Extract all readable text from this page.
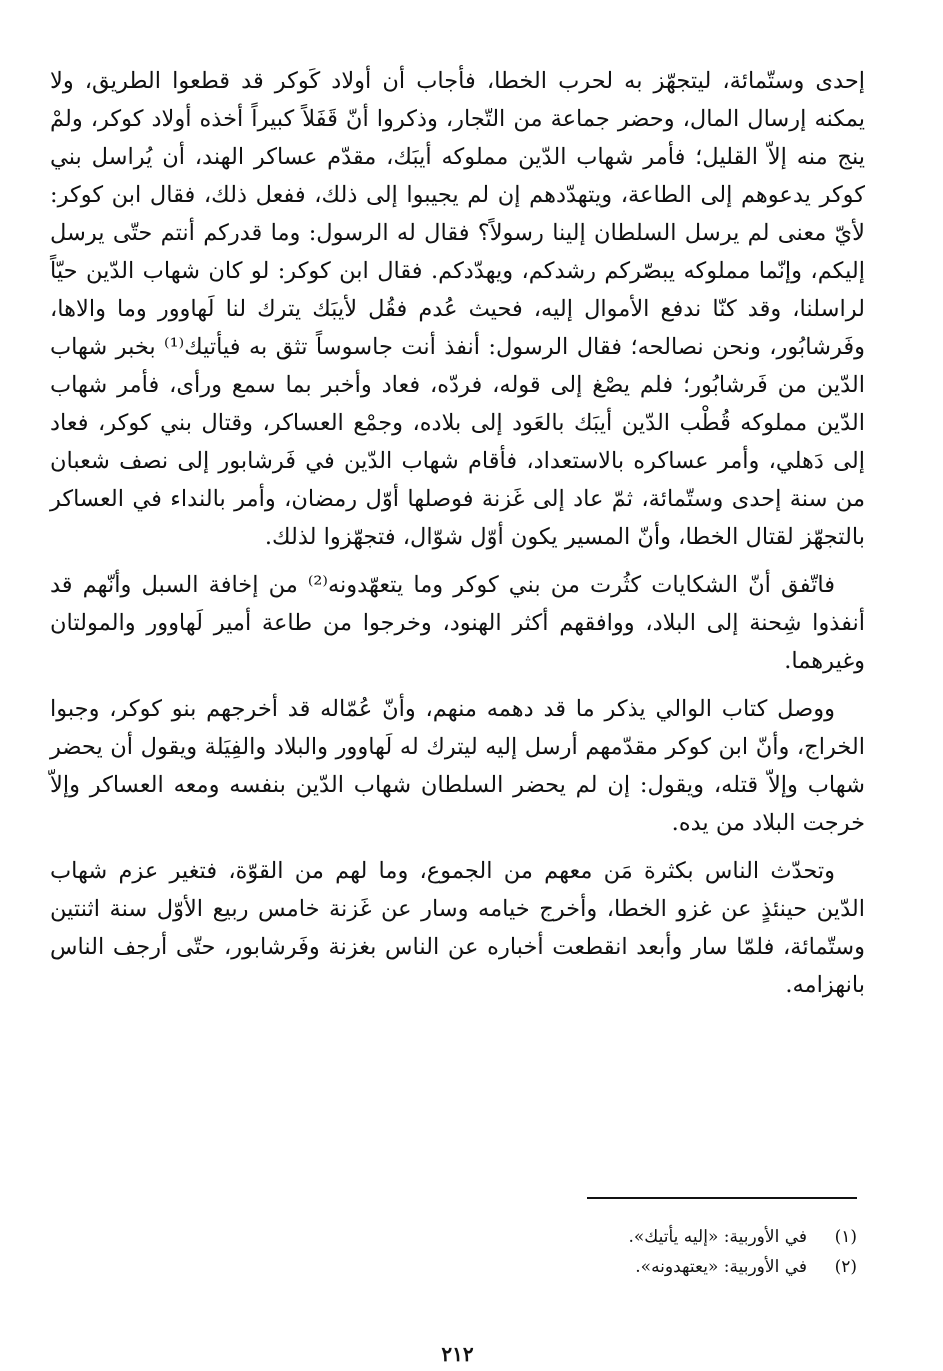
إحدى وستّمائة، ليتجهّز به لحرب الخطا، فأجاب أن أولاد كَوكر قد قطعوا الطريق، ولا يمكنه إرسال المال، وحضر جماعة من التّجار، وذكروا أنّ قَفَلاً كبيراً أخذه أولاد كوكر، ولمْ ينج منه إلاّ القليل؛ فأمر شهاب الدّين مملوكه أيبَك، مقدّم عساكر الهند، أن يُراسل بني كوكر يدعوهم إلى الطاعة، ويتهدّدهم إن لم يجيبوا إلى ذلك، ففعل ذلك، فقال ابن كوكر: لأيّ معنى لم يرسل السلطان إلينا رسولاً؟ فقال له الرسول: وما قدركم أنتم حتّى يرسل إليكم، وإنّما مملوكه يبصّركم رشدكم، ويهدّدكم. فقال ابن كوكر: لو كان شهاب الدّين حيّاً لراسلنا، وقد كنّا ندفع الأموال إليه، فحيث عُدم فقُل لأيبَك يترك لنا لَهاوور وما والاها، وفَرشابُور، ونحن نصالحه؛ فقال الرسول: أنفذ أنت جاسوساً تثق به فيأتيك⁽¹⁾ بخبر شهاب الدّين من فَرشابُور؛ فلم يصْغ إلى قوله، فردّه، فعاد وأخبر بما سمع ورأى، فأمر شهاب الدّين مملوكه قُطْب الدّين أيبَك بالعَود إلى بلاده، وجمْع العساكر، وقتال بني كوكر، فعاد إلى دَهلي، وأمر عساكره بالاستعداد، فأقام شهاب الدّين في فَرشابور إلى نصف شعبان من سنة إحدى وستّمائة، ثمّ عاد إلى غَزنة فوصلها أوّل رمضان، وأمر بالنداء في العساكر بالتجهّز لقتال الخطا، وأنّ المسير يكون أوّل شوّال، فتجهّزوا لذلك.

فاتّفق أنّ الشكايات كثُرت من بني كوكر وما يتعهّدونه⁽²⁾ من إخافة السبل وأنّهم قد أنفذوا شِحنة إلى البلاد، ووافقهم أكثر الهنود، وخرجوا من طاعة أمير لَهاوور والمولتان وغيرهما.

ووصل كتاب الوالي يذكر ما قد دهمه منهم، وأنّ عُمّاله قد أخرجهم بنو كوكر، وجبوا الخراج، وأنّ ابن كوكر مقدّمهم أرسل إليه ليترك له لَهاوور والبلاد والفِيَلة ويقول أن يحضر شهاب وإلاّ قتله، ويقول: إن لم يحضر السلطان شهاب الدّين بنفسه ومعه العساكر وإلاّ خرجت البلاد من يده.

وتحدّث الناس بكثرة مَن معهم من الجموع، وما لهم من القوّة، فتغير عزم شهاب الدّين حينئذٍ عن غزو الخطا، وأخرج خيامه وسار عن غَزنة خامس ربيع الأوّل سنة اثنتين وستّمائة، فلمّا سار وأبعد انقطعت أخباره عن الناس بغزنة وفَرشابور، حتّى أرجف الناس بانهزامه.

(١)
في الأوربية: «إليه يأتيك».
(٢)
في الأوربية: «يعتهدونه».
٢١٢
